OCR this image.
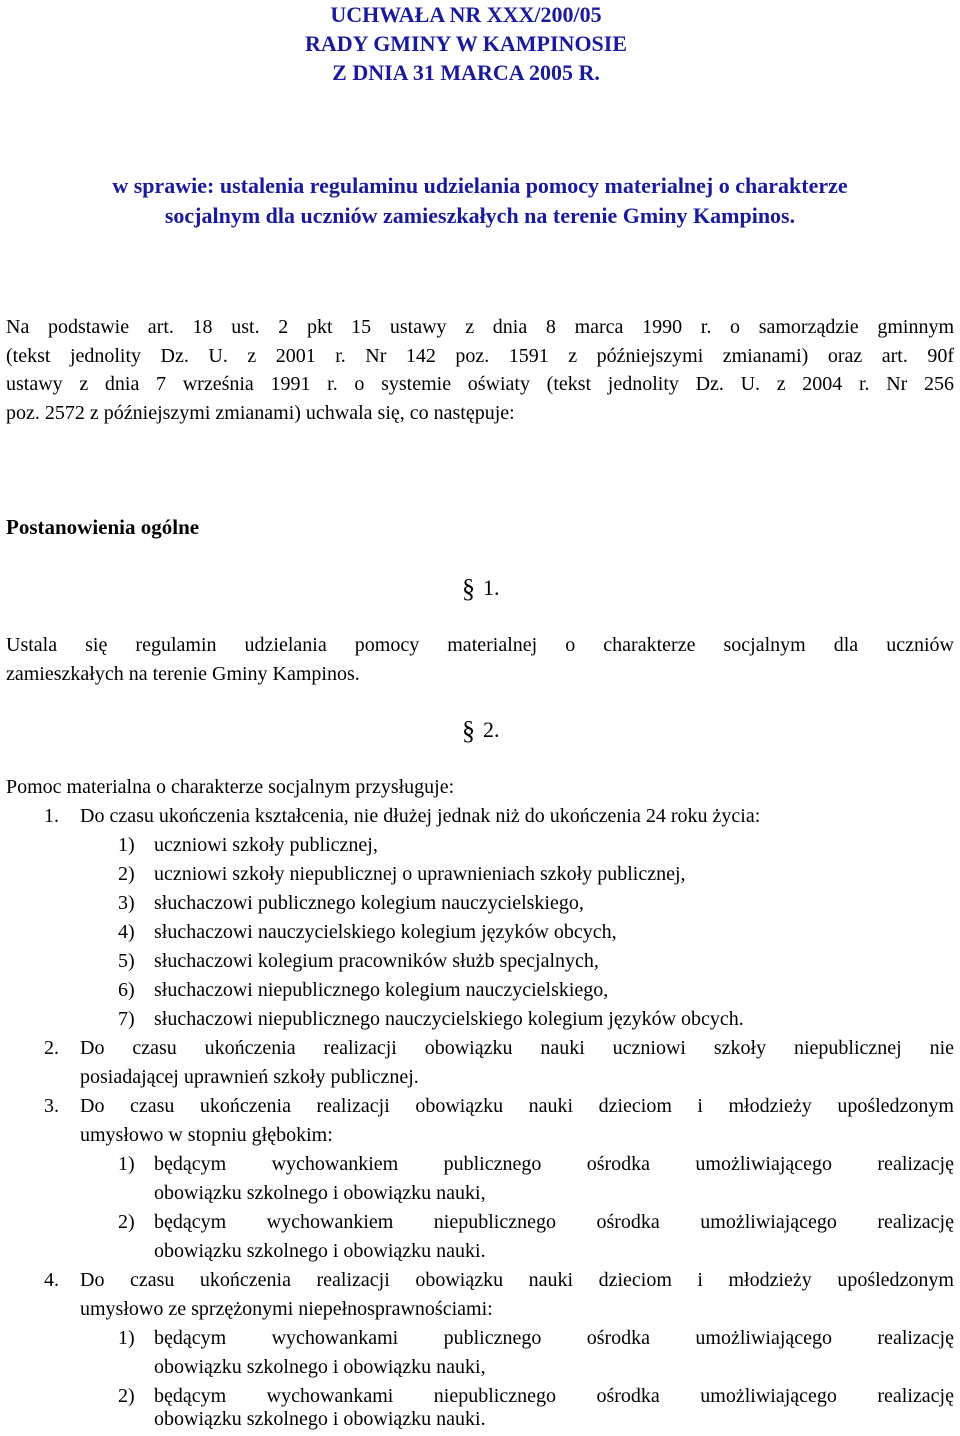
UCHWAŁA NR XXX/200/05
RADY GMINY W KAMPINOSIE
Z DNIA 31 MARCA 2005 R.
w sprawie: ustalenia regulaminu udzielania pomocy materialnej o charakterze
socjalnym dla uczniów zamieszkałych na terenie Gminy Kampinos.
Na podstawie art. 18 ust. 2 pkt 15 ustawy z dnia 8 marca 1990 r. o samorządzie gminnym
(tekst jednolity Dz. U. z 2001 r. Nr 142 poz. 1591 z późniejszymi zmianami) oraz art. 90f
ustawy z dnia 7 września 1991 r. o systemie oświaty (tekst jednolity Dz. U. z 2004 r. Nr 256
poz. 2572 z późniejszymi zmianami) uchwala się, co następuje:
Postanowienia ogólne
§ 1.
Ustala się regulamin udzielania pomocy materialnej o charakterze socjalnym dla uczniów
zamieszkałych na terenie Gminy Kampinos.
§ 2.
Pomoc materialna o charakterze socjalnym przysługuje:
1. Do czasu ukończenia kształcenia, nie dłużej jednak niż do ukończenia 24 roku życia:
1) uczniowi szkoły publicznej,
2) uczniowi szkoły niepublicznej o uprawnieniach szkoły publicznej,
3) słuchaczowi publicznego kolegium nauczycielskiego,
4) słuchaczowi nauczycielskiego kolegium języków obcych,
5) słuchaczowi kolegium pracowników służb specjalnych,
6) słuchaczowi niepublicznego kolegium nauczycielskiego,
7) słuchaczowi niepublicznego nauczycielskiego kolegium języków obcych.
2.	Do czasu ukończenia realizacji obowiązku nauki uczniowi szkoły niepublicznej nie
posiadającej uprawnień szkoły publicznej.
3.	Do czasu ukończenia realizacji obowiązku nauki dzieciom i młodzieży upośledzonym
umysłowo w stopniu głębokim:
1) będącym wychowankiem publicznego ośrodka umożliwiającego realizację
obowiązku szkolnego i obowiązku nauki,
2) będącym wychowankiem niepublicznego ośrodka umożliwiającego realizację
obowiązku szkolnego i obowiązku nauki.
4.	Do czasu ukończenia realizacji obowiązku nauki dzieciom i młodzieży upośledzonym
umysłowo ze sprzężonymi niepełnosprawnościami:
1) będącym wychowankami publicznego ośrodka umożliwiającego realizację
obowiązku szkolnego i obowiązku nauki,
2) będącym wychowankami niepublicznego ośrodka umożliwiającego realizację
obowiązku szkolnego i obowiązku nauki.
